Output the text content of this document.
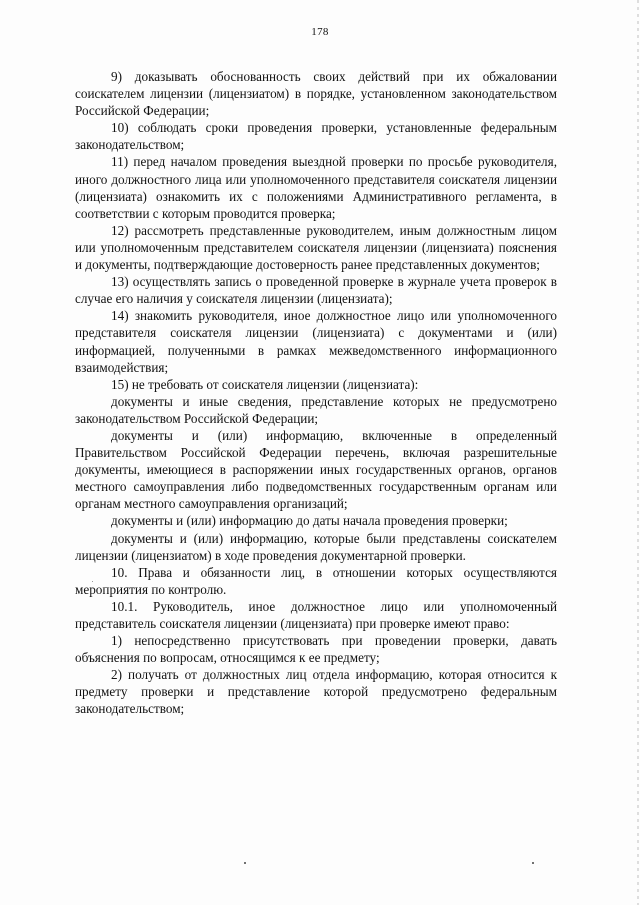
178

9) доказывать обоснованность своих действий при их обжаловании соискателем лицензии (лицензиатом) в порядке, установленном законодательством Российской Федерации;

10) соблюдать сроки проведения проверки, установленные федеральным законодательством;

11) перед началом проведения выездной проверки по просьбе руководителя, иного должностного лица или уполномоченного представителя соискателя лицензии (лицензиата) ознакомить их с положениями Административного регламента, в соответствии с которым проводится проверка;

12) рассмотреть представленные руководителем, иным должностным лицом или уполномоченным представителем соискателя лицензии (лицензиата) пояснения и документы, подтверждающие достоверность ранее представленных документов;

13) осуществлять запись о проведенной проверке в журнале учета проверок в случае его наличия у соискателя лицензии (лицензиата);

14) знакомить руководителя, иное должностное лицо или уполномоченного представителя соискателя лицензии (лицензиата) с документами и (или) информацией, полученными в рамках межведомственного информационного взаимодействия;

15) не требовать от соискателя лицензии (лицензиата):

документы и иные сведения, представление которых не предусмотрено законодательством Российской Федерации;

документы и (или) информацию, включенные в определенный Правительством Российской Федерации перечень, включая разрешительные документы, имеющиеся в распоряжении иных государственных органов, органов местного самоуправления либо подведомственных государственным органам или органам местного самоуправления организаций;

документы и (или) информацию до даты начала проведения проверки;

документы и (или) информацию, которые были представлены соискателем лицензии (лицензиатом) в ходе проведения документарной проверки.

10. Права и обязанности лиц, в отношении которых осуществляются мероприятия по контролю.

10.1. Руководитель, иное должностное лицо или уполномоченный представитель соискателя лицензии (лицензиата) при проверке имеют право:

1) непосредственно присутствовать при проведении проверки, давать объяснения по вопросам, относящимся к ее предмету;

2) получать от должностных лиц отдела информацию, которая относится к предмету проверки и представление которой предусмотрено федеральным законодательством;
